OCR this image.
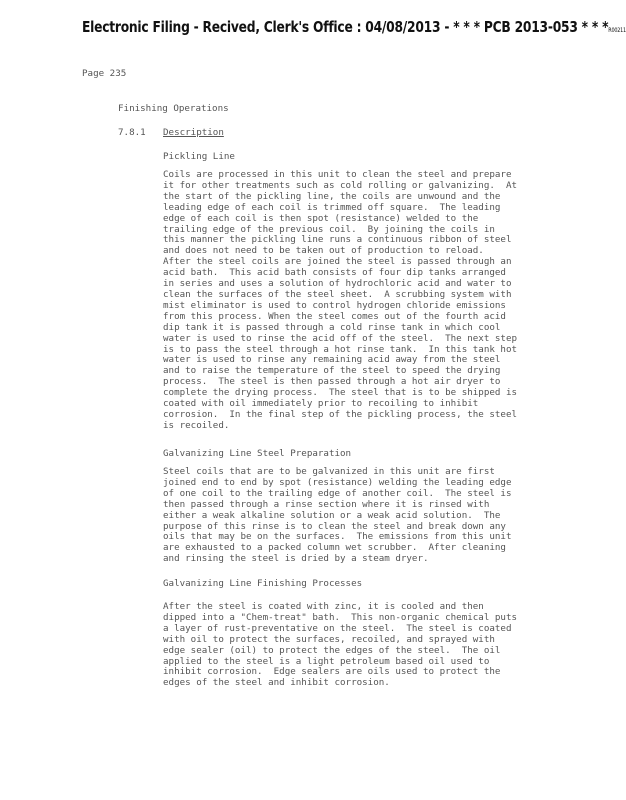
Electronic Filing - Recived, Clerk's Office : 04/08/2013 - * * * PCB 2013-053 * * *R00211
Page 235
Finishing Operations
7.8.1 Description
Pickling Line
Coils are processed in this unit to clean the steel and prepare
it for other treatments such as cold rolling or galvanizing.  At
the start of the pickling line, the coils are unwound and the
leading edge of each coil is trimmed off square.  The leading
edge of each coil is then spot (resistance) welded to the
trailing edge of the previous coil.  By joining the coils in
this manner the pickling line runs a continuous ribbon of steel
and does not need to be taken out of production to reload.
After the steel coils are joined the steel is passed through an
acid bath.  This acid bath consists of four dip tanks arranged
in series and uses a solution of hydrochloric acid and water to
clean the surfaces of the steel sheet.  A scrubbing system with
mist eliminator is used to control hydrogen chloride emissions
from this process. When the steel comes out of the fourth acid
dip tank it is passed through a cold rinse tank in which cool
water is used to rinse the acid off of the steel.  The next step
is to pass the steel through a hot rinse tank.  In this tank hot
water is used to rinse any remaining acid away from the steel
and to raise the temperature of the steel to speed the drying
process.  The steel is then passed through a hot air dryer to
complete the drying process.  The steel that is to be shipped is
coated with oil immediately prior to recoiling to inhibit
corrosion.  In the final step of the pickling process, the steel
is recoiled.
Galvanizing Line Steel Preparation
Steel coils that are to be galvanized in this unit are first
joined end to end by spot (resistance) welding the leading edge
of one coil to the trailing edge of another coil.  The steel is
then passed through a rinse section where it is rinsed with
either a weak alkaline solution or a weak acid solution.  The
purpose of this rinse is to clean the steel and break down any
oils that may be on the surfaces.  The emissions from this unit
are exhausted to a packed column wet scrubber.  After cleaning
and rinsing the steel is dried by a steam dryer.
Galvanizing Line Finishing Processes
After the steel is coated with zinc, it is cooled and then
dipped into a "Chem-treat" bath.  This non-organic chemical puts
a layer of rust-preventative on the steel.  The steel is coated
with oil to protect the surfaces, recoiled, and sprayed with
edge sealer (oil) to protect the edges of the steel.  The oil
applied to the steel is a light petroleum based oil used to
inhibit corrosion.  Edge sealers are oils used to protect the
edges of the steel and inhibit corrosion.
